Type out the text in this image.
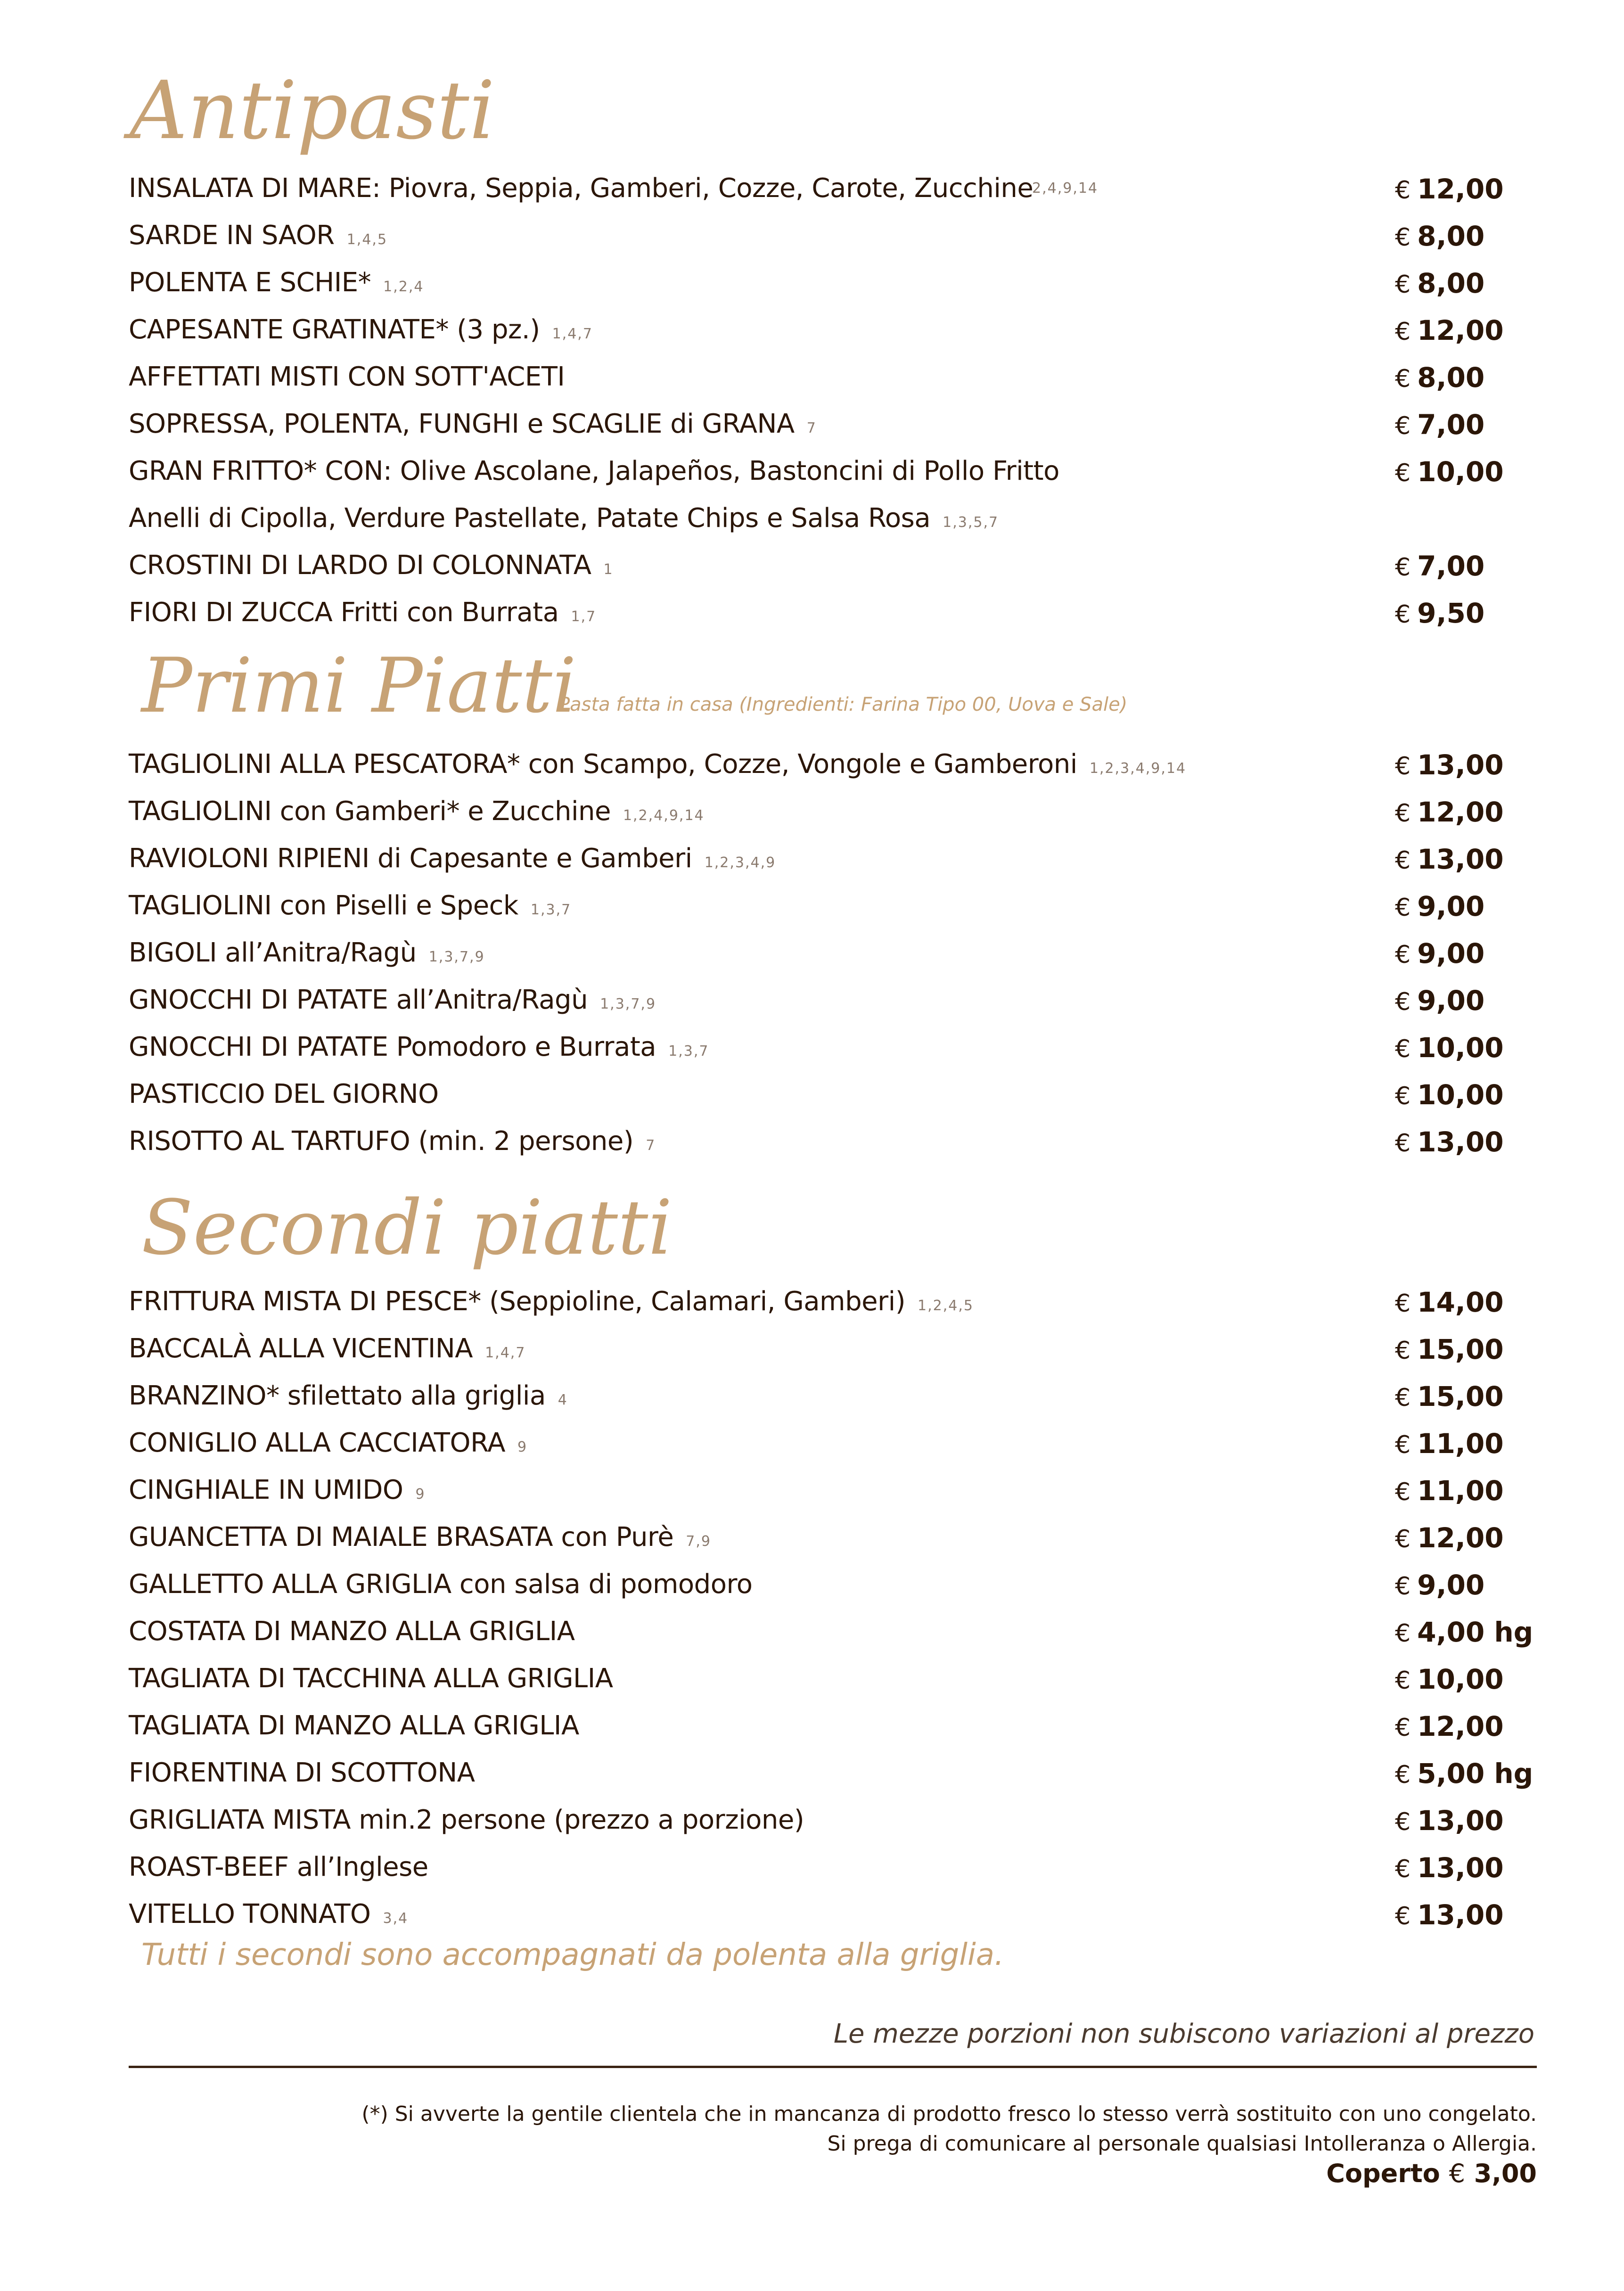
Antipasti
2,4,9,14
INSALATA DI MARE: Piovra, Seppia, Gamberi, Cozze, Carote, Zucchine	€ 12,00
SARDE IN SAOR 1,4,5	€ 8,00
POLENTA E SCHIE* 1,2,4	€ 8,00
CAPESANTE GRATINATE* (3 pz.) 1,4,7	€ 12,00
AFFETTATI MISTI CON SOTT'ACETI	€ 8,00
SOPRESSA, POLENTA, FUNGHI e SCAGLIE di GRANA 7	€ 7,00
GRAN FRITTO* CON: Olive Ascolane, Jalapeños, Bastoncini di Pollo Fritto	€ 10,00
Anelli di Cipolla, Verdure Pastellate, Patate Chips e Salsa Rosa 1,3,5,7
CROSTINI DI LARDO DI COLONNATA 1	€ 7,00
FIORI DI ZUCCA Fritti con Burrata 1,7	€ 9,50
Primi Piatti
Pasta fatta in casa (Ingredienti: Farina Tipo 00, Uova e Sale)
TAGLIOLINI ALLA PESCATORA* con Scampo, Cozze, Vongole e Gamberoni 1,2,3,4,9,14	€ 13,00
TAGLIOLINI con Gamberi* e Zucchine 1,2,4,9,14	€ 12,00
RAVIOLONI RIPIENI di Capesante e Gamberi 1,2,3,4,9	€ 13,00
TAGLIOLINI con Piselli e Speck 1,3,7	€ 9,00
BIGOLI all’Anitra/Ragù 1,3,7,9	€ 9,00
GNOCCHI DI PATATE all’Anitra/Ragù 1,3,7,9	€ 9,00
GNOCCHI DI PATATE Pomodoro e Burrata 1,3,7	€ 10,00
PASTICCIO DEL GIORNO	€ 10,00
RISOTTO AL TARTUFO (min. 2 persone) 7	€ 13,00
Secondi piatti
FRITTURA MISTA DI PESCE* (Seppioline, Calamari, Gamberi) 1,2,4,5	€ 14,00
BACCALÀ ALLA VICENTINA 1,4,7	€ 15,00
BRANZINO* sfilettato alla griglia 4	€ 15,00
CONIGLIO ALLA CACCIATORA 9	€ 11,00
CINGHIALE IN UMIDO 9	€ 11,00
GUANCETTA DI MAIALE BRASATA con Purè 7,9	€ 12,00
GALLETTO ALLA GRIGLIA con salsa di pomodoro	€ 9,00
COSTATA DI MANZO ALLA GRIGLIA	€ 4,00 hg
TAGLIATA DI TACCHINA ALLA GRIGLIA	€ 10,00
TAGLIATA DI MANZO ALLA GRIGLIA	€ 12,00
FIORENTINA DI SCOTTONA	€ 5,00 hg
GRIGLIATA MISTA min.2 persone (prezzo a porzione)	€ 13,00
ROAST-BEEF all’Inglese	€ 13,00
VITELLO TONNATO 3,4	€ 13,00
Tutti i secondi sono accompagnati da polenta alla griglia.
Le mezze porzioni non subiscono variazioni al prezzo
(*) Si avverte la gentile clientela che in mancanza di prodotto fresco lo stesso verrà sostituito con uno congelato.
Si prega di comunicare al personale qualsiasi Intolleranza o Allergia.
Coperto € 3,00
